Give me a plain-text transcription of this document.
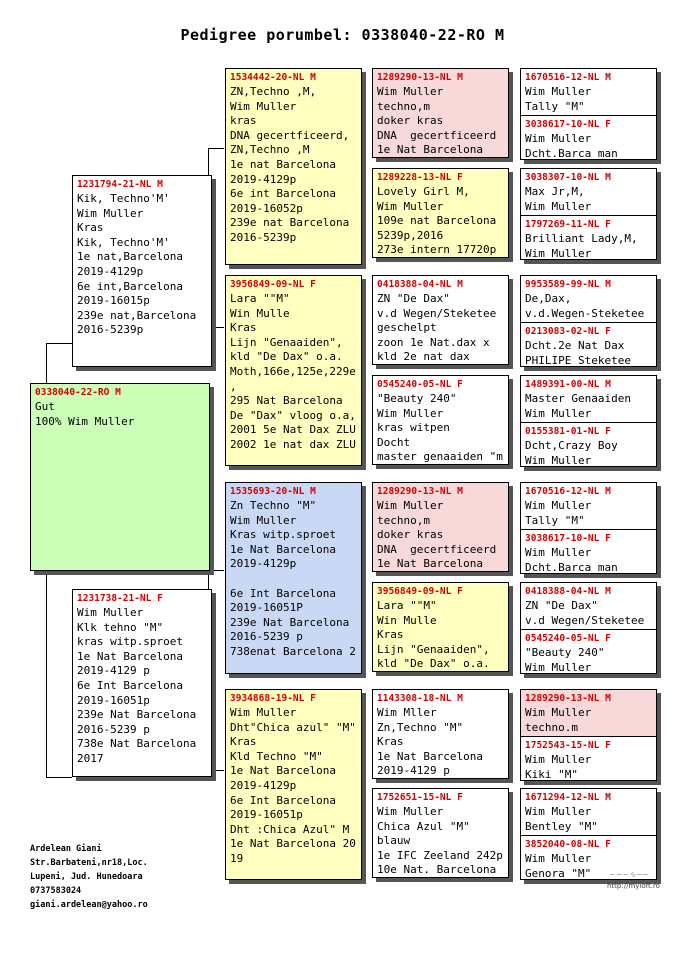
Pedigree porumbel: 0338040-22-RO M
0338040-22-RO M
Gut
100% Wim Muller
1231794-21-NL M
Kik, Techno'M'
Wim Muller
Kras
Kik, Techno'M'
1e nat,Barcelona
2019-4129p
6e int,Barcelona
2019-16015p
239e nat,Barcelona
2016-5239p
1231738-21-NL F
Wim Muller
Klk tehno "M"
kras witp.sproet
1e Nat Barcelona
2019-4129 p
6e Int Barcelona
2019-16051p
239e Nat Barcelona
2016-5239 p
738e Nat Barcelona
2017
1534442-20-NL M
ZN,Techno ,M,
Wim Muller
kras
DNA gecertficeerd,
ZN,Techno ,M
1e nat Barcelona
2019-4129p
6e int Barcelona
2019-16052p
239e nat Barcelona
2016-5239p
3956849-09-NL F
Lara ""M"
Win Mulle
Kras
Lijn "Genaaiden",
kld "De Dax" o.a.
Moth,166e,125e,229e
,
295 Nat Barcelona
De "Dax" vloog o.a,
2001 5e Nat Dax ZLU
2002 1e nat dax ZLU
1535693-20-NL M
Zn Techno "M"
Wim Muller
Kras witp.sproet
1e Nat Barcelona
2019-4129p

6e Int Barcelona
2019-16051P
239e Nat Barcelona
2016-5239 p
738enat Barcelona 2
3934868-19-NL F
Wim Muller
Dht"Chica azul" "M"
Kras
Kld Techno "M"
1e Nat Barcelona
2019-4129p
6e Int Barcelona
2019-16051p
Dht :Chica Azul" M
1e Nat Barcelona 20
19
1289290-13-NL M
Wim Muller
techno,m
doker kras
DNA  gecertficeerd
1e Nat Barcelona
1289228-13-NL F
Lovely Girl M,
Wim Muller
109e nat Barcelona
5239p,2016
273e intern 17720p
0418388-04-NL M
ZN "De Dax"
v.d Wegen/Steketee
geschelpt
zoon 1e Nat.dax x
kld 2e nat dax
0545240-05-NL F
"Beauty 240"
Wim Muller
kras witpen
Docht
master genaaiden "m
1289290-13-NL M
Wim Muller
techno,m
doker kras
DNA  gecertficeerd
1e Nat Barcelona
3956849-09-NL F
Lara ""M"
Win Mulle
Kras
Lijn "Genaaiden",
kld "De Dax" o.a.
1143308-18-NL M
Wim Mller
Zn,Techno "M"
Kras
1e Nat Barcelona
2019-4129 p
1752651-15-NL F
Wim Muller
Chica Azul "M"
blauw
1e IFC Zeeland 242p
10e Nat. Barcelona
1670516-12-NL M
Wim Muller
Tally "M"
3038617-10-NL F
Wim Muller
Dcht.Barca man
3038307-10-NL M
Max Jr,M,
Wim Muller
1797269-11-NL F
Brilliant Lady,M,
Wim Muller
9953589-99-NL M
De,Dax,
v.d.Wegen-Steketee
0213083-02-NL F
Dcht.2e Nat Dax
PHILIPE Steketee
1489391-00-NL M
Master Genaaiden
Wim Muller
0155381-01-NL F
Dcht,Crazy Boy
Wim Muller
1670516-12-NL M
Wim Muller
Tally "M"
3038617-10-NL F
Wim Muller
Dcht.Barca man
0418388-04-NL M
ZN "De Dax"
v.d Wegen/Steketee
0545240-05-NL F
"Beauty 240"
Wim Muller
1289290-13-NL M
Wim Muller
techno.m
1752543-15-NL F
Wim Muller
Kiki "M"
1671294-12-NL M
Wim Muller
Bentley "M"
3852040-08-NL F
Wim Muller
Genora "M"
Ardelean Giani
Str.Barbateni,nr18,Loc.
Lupeni, Jud. Hunedoara
0737583024
giani.ardelean@yahoo.ro
~∽~∿∽~
http://myloft.ro
